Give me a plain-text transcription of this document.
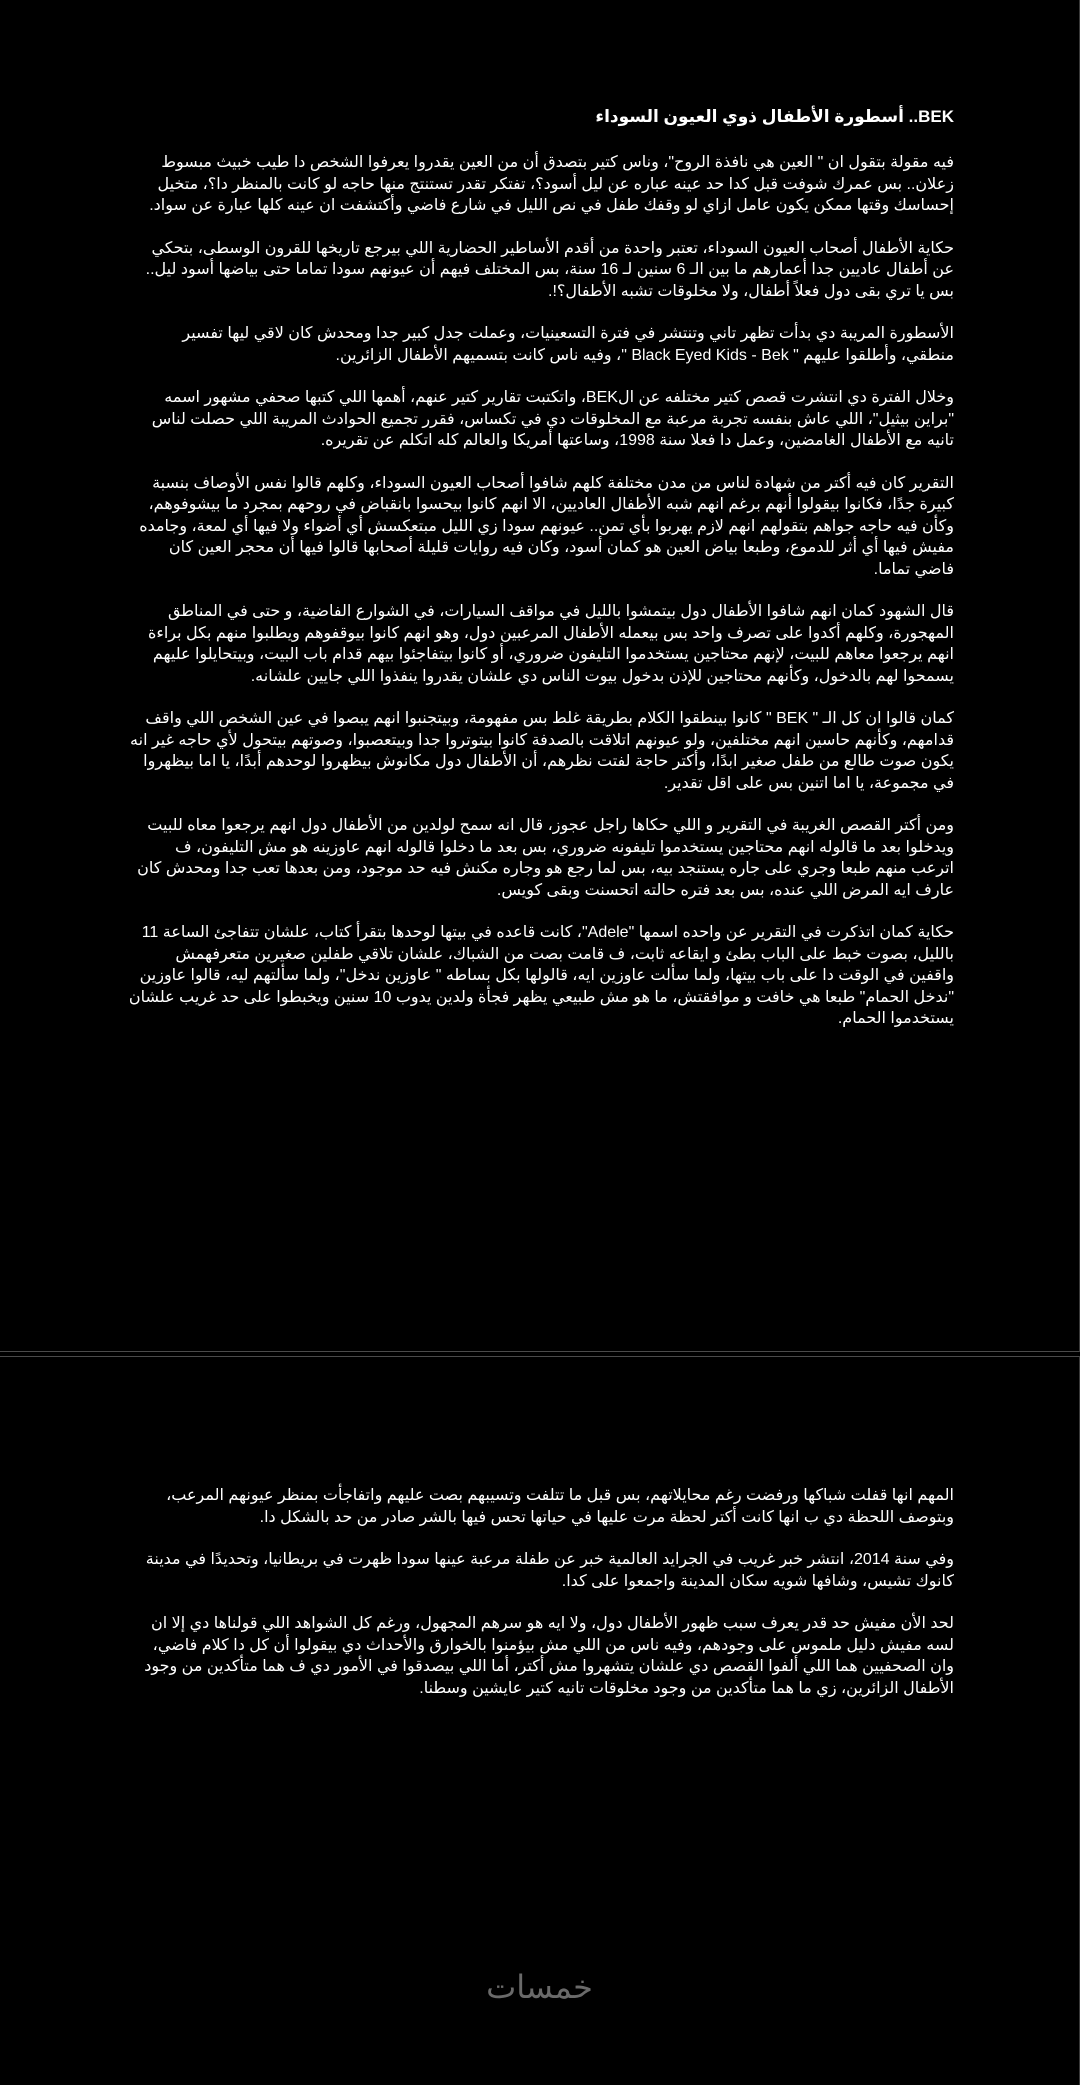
BEK.. أسطورة الأطفال ذوي العيون السوداء

فيه مقولة بتقول ان " العين هي نافذة الروح"، وناس كتير بتصدق أن من العين يقدروا يعرفوا الشخص دا طيب خبيث مبسوط زعلان.. بس عمرك شوفت قبل كدا حد عينه عباره عن ليل أسود؟، تفتكر تقدر تستنتج منها حاجه لو كانت بالمنظر دا؟، متخيل إحساسك وقتها ممكن يكون عامل ازاي لو وقفك طفل في نص الليل في شارع فاضي وأكتشفت ان عينه كلها عبارة عن سواد.

حكاية الأطفال أصحاب العيون السوداء، تعتبر واحدة من أقدم الأساطير الحضارية اللي بيرجع تاريخها للقرون الوسطى، بتحكي عن أطفال عاديين جدا أعمارهم ما بين الـ 6 سنين لـ 16 سنة، بس المختلف فيهم أن عيونهم سودا تماما حتى بياضها أسود ليل.. بس يا تري بقى دول فعلاً أطفال، ولا مخلوقات تشبه الأطفال؟!.

الأسطورة المريبة دي بدأت تظهر تاني وتنتشر في فترة التسعينيات، وعملت جدل كبير جدا ومحدش كان لاقي ليها تفسير منطقي، وأطلقوا عليهم " Black Eyed Kids - Bek "، وفيه ناس كانت بتسميهم الأطفال الزائرين.

وخلال الفترة دي انتشرت قصص كتير مختلفه عن الBEK، واتكتبت تقارير كتير عنهم، أهمها اللي كتبها صحفي مشهور اسمه "براين بيثيل"، اللي عاش بنفسه تجربة مرعبة مع المخلوقات دي في تكساس، فقرر تجميع الحوادث المريبة اللي حصلت لناس تانيه مع الأطفال الغامضين، وعمل دا فعلا سنة 1998، وساعتها أمريكا والعالم كله اتكلم عن تقريره.

التقرير كان فيه أكتر من شهادة لناس من مدن مختلفة كلهم شافوا أصحاب العيون السوداء، وكلهم قالوا نفس الأوصاف بنسبة كبيرة جدًا، فكانوا بيقولوا أنهم برغم انهم شبه الأطفال العاديين، الا انهم كانوا بيحسوا بانقباض في روحهم بمجرد ما بيشوفوهم، وكأن فيه حاجه جواهم بتقولهم انهم لازم يهربوا بأي تمن.. عيونهم سودا زي الليل مبتعكسش أي أضواء ولا فيها أي لمعة، وجامده مفيش فيها أي أثر للدموع، وطبعا بياض العين هو كمان أسود، وكان فيه روايات قليلة أصحابها قالوا فيها أن محجر العين كان فاضي تماما.

قال الشهود كمان انهم شافوا الأطفال دول بيتمشوا بالليل في مواقف السيارات، في الشوارع الفاضية، و حتى في المناطق المهجورة، وكلهم أكدوا على تصرف واحد بس بيعمله الأطفال المرعبين دول، وهو انهم كانوا بيوقفوهم ويطلبوا منهم بكل براءة انهم يرجعوا معاهم للبيت، لإنهم محتاجين يستخدموا التليفون ضروري، أو كانوا بيتفاجئوا بيهم قدام باب البيت، وبيتحايلوا عليهم يسمحوا لهم بالدخول، وكأنهم محتاجين للإذن بدخول بيوت الناس دي علشان يقدروا ينفذوا اللي جايين علشانه.

كمان قالوا ان كل الـ " BEK " كانوا بينطقوا الكلام بطريقة غلط بس مفهومة، وبيتجنبوا انهم يبصوا في عين الشخص اللي واقف قدامهم، وكأنهم حاسين انهم مختلفين، ولو عيونهم اتلاقت بالصدفة كانوا بيتوتروا جدا وبيتعصبوا، وصوتهم بيتحول لأي حاجه غير انه يكون صوت طالع من طفل صغير ابدًا، وأكتر حاجة لفتت نظرهم، أن الأطفال دول مكانوش بيظهروا لوحدهم أبدًا، يا اما بيظهروا في مجموعة، يا اما اتنين بس على اقل تقدير.

ومن أكتر القصص الغريبة في التقرير و اللي حكاها راجل عجوز، قال انه سمح لولدين من الأطفال دول انهم يرجعوا معاه للبيت ويدخلوا بعد ما قالوله انهم محتاجين يستخدموا تليفونه ضروري، بس بعد ما دخلوا قالوله انهم عاوزينه هو مش التليفون، ف اترعب منهم طبعا وجري على جاره يستنجد بيه، بس لما رجع هو وجاره مكنش فيه حد موجود، ومن بعدها تعب جدا ومحدش كان عارف ايه المرض اللي عنده، بس بعد فتره حالته اتحسنت وبقى كويس.

حكاية كمان اتذكرت في التقرير عن واحده اسمها "Adele"، كانت قاعده في بيتها لوحدها بتقرأ كتاب، علشان تتفاجئ الساعة 11 بالليل، بصوت خبط على الباب بطئ و ايقاعه ثابت، ف قامت بصت من الشباك، علشان تلاقي طفلين صغيرين متعرفهمش واقفين في الوقت دا على باب بيتها، ولما سألت عاوزين ايه، قالولها بكل بساطه " عاوزين ندخل"، ولما سألتهم ليه، قالوا عاوزين "ندخل الحمام" طبعا هي خافت و موافقتش، ما هو مش طبيعي يظهر فجأة ولدين يدوب 10 سنين ويخبطوا على حد غريب علشان يستخدموا الحمام.

المهم انها قفلت شباكها ورفضت رغم محايلاتهم، بس قبل ما تتلفت وتسيبهم بصت عليهم واتفاجأت بمنظر عيونهم المرعب، وبتوصف اللحظة دي ب انها كانت أكتر لحظة مرت عليها في حياتها تحس فيها بالشر صادر من حد بالشكل دا.

وفي سنة 2014، انتشر خبر غريب في الجرايد العالمية خبر عن طفلة مرعبة عينها سودا ظهرت في بريطانيا، وتحديدًا في مدينة كانوك تشيس، وشافها شويه سكان المدينة واجمعوا على كدا.

لحد الأن مفيش حد قدر يعرف سبب ظهور الأطفال دول، ولا ايه هو سرهم المجهول، ورغم كل الشواهد اللي قولناها دي إلا ان لسه مفيش دليل ملموس على وجودهم، وفيه ناس من اللي مش بيؤمنوا بالخوارق والأحداث دي بيقولوا أن كل دا كلام فاضي، وان الصحفيين هما اللي ألفوا القصص دي علشان يتشهروا مش أكتر، أما اللي بيصدقوا في الأمور دي ف هما متأكدين من وجود الأطفال الزائرين، زي ما هما متأكدين من وجود مخلوقات تانيه كتير عايشين وسطنا.

خمسات
